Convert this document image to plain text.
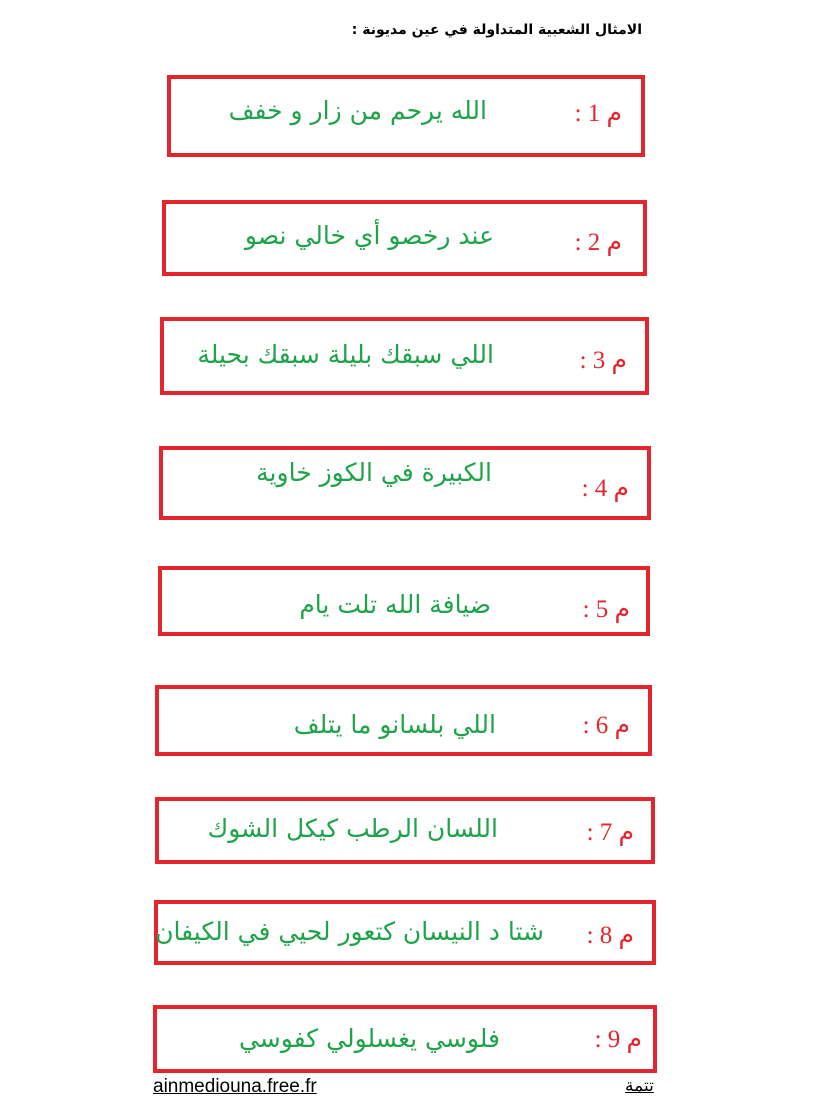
الامثال الشعبية المتداولة في عين مديونة :
م 1 :
الله يرحم من زار و خفف
م 2 :
عند رخصو أي خالي نصو
م 3 :
اللي سبقك بليلة سبقك بحيلة
م 4 :
الكبيرة في الكوز خاوية
م 5 :
ضيافة الله تلت يام
م 6 :
اللي بلسانو ما يتلف
م 7 :
اللسان الرطب كيكل الشوك
م 8 :
شتا د النيسان كتعور لحيي في الكيفان
م 9 :
فلوسي يغسلولي كفوسي
ainmediouna.free.fr	تتمة
